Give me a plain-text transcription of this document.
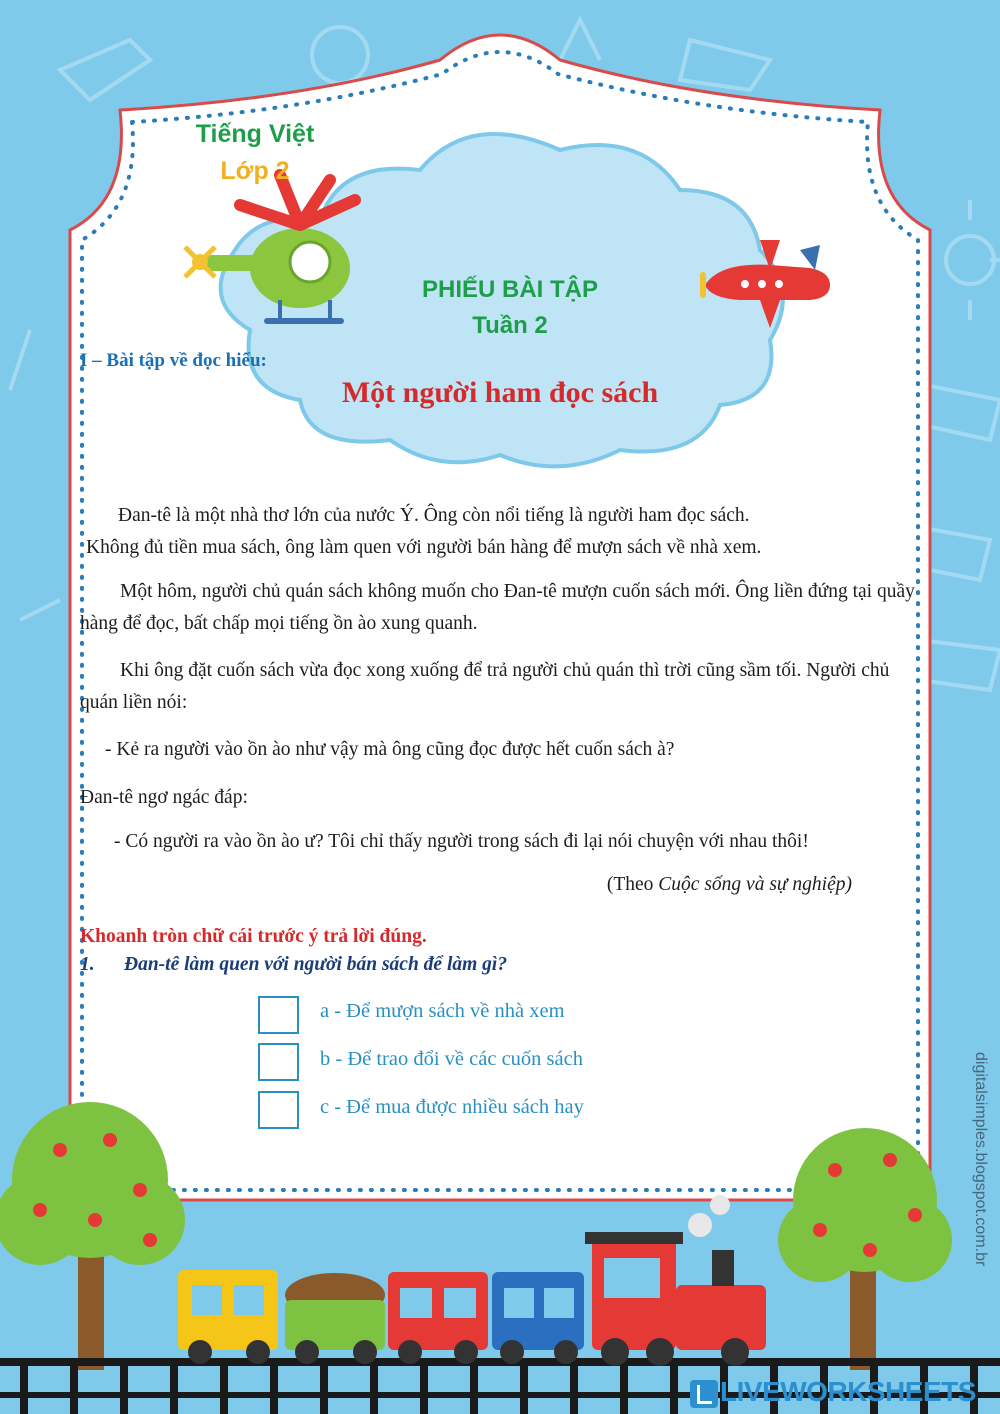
Tiếng Việt
Lớp 2
PHIẾU BÀI TẬP
Tuần 2
I – Bài tập về đọc hiểu:
Một người ham đọc sách
Đan-tê là một nhà thơ lớn của nước Ý. Ông còn nổi tiếng là người ham đọc sách.
Không đủ tiền mua sách, ông làm quen với người bán hàng để mượn sách về nhà xem.
Một hôm, người chủ quán sách không muốn cho Đan-tê mượn cuốn sách mới. Ông liền đứng tại quầy hàng để đọc, bất chấp mọi tiếng ồn ào xung quanh.
Khi ông đặt cuốn sách vừa đọc xong xuống để trả người chủ quán thì trời cũng sầm tối. Người chủ quán liền nói:
- Kẻ ra người vào ồn ào như vậy mà ông cũng đọc được hết cuốn sách à?
Đan-tê ngơ ngác đáp:
- Có người ra vào ồn ào ư? Tôi chỉ thấy người trong sách đi lại nói chuyện với nhau thôi!
(Theo Cuộc sống và sự nghiệp)
Khoanh tròn chữ cái trước ý trả lời đúng.
1. Đan-tê làm quen với người bán sách để làm gì?
a - Để mượn sách về nhà xem
b - Để trao đổi về các cuốn sách
c - Để mua được nhiều sách hay	digitalsimples.blogspot.com.br
LIVEWORKSHEETS
